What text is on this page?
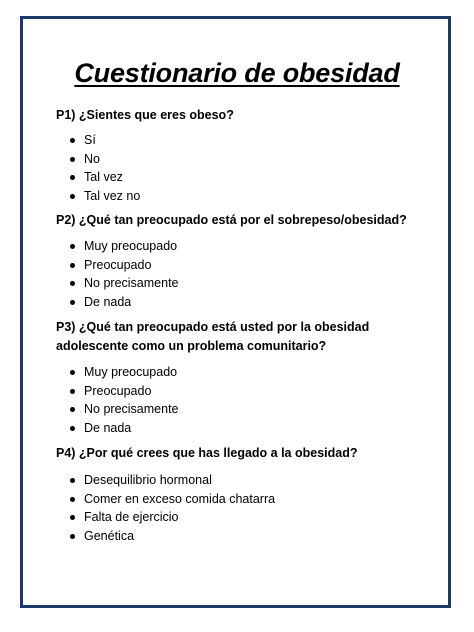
Cuestionario de obesidad
P1) ¿Sientes que eres obeso?
Sí
No
Tal vez
Tal vez no
P2) ¿Qué tan preocupado está por el sobrepeso/obesidad?
Muy preocupado
Preocupado
No precisamente
De nada
P3) ¿Qué tan preocupado está usted por la obesidad adolescente como un problema comunitario?
Muy preocupado
Preocupado
No precisamente
De nada
P4) ¿Por qué crees que has llegado a la obesidad?
Desequilibrio hormonal
Comer en exceso comida chatarra
Falta de ejercicio
Genética
